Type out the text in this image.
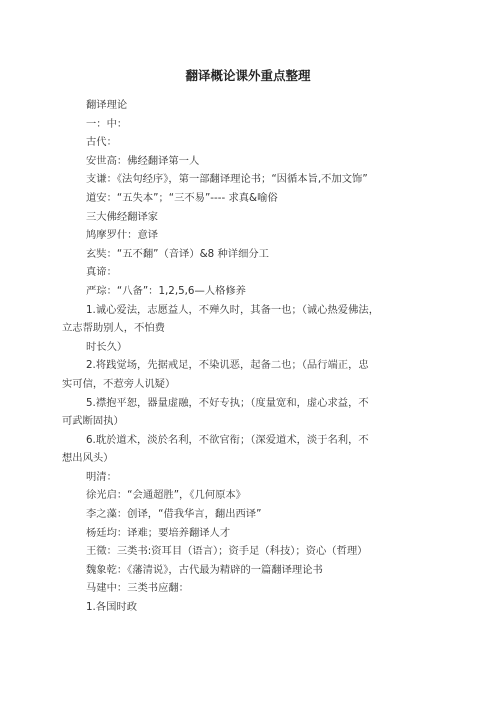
翻译概论课外重点整理
翻译理论
一：中：
古代：
安世高：佛经翻译第一人
支谦：《法句经序》，第一部翻译理论书；“因循本旨,不加文饰”
道安：“五失本”；“三不易”---- 求真&喻俗
三大佛经翻译家
鸠摩罗什：意译
玄奘：“五不翻”（音译）&8 种详细分工
真谛：
严琮：“八备”：1,2,5,6—人格修养
1.诚心爱法，志愿益人，不殚久时，其备一也；（诚心热爱佛法，
立志帮助别人，不怕费
时长久）
2.将践觉场，先据戒足，不染讥恶，起备二也；（品行端正，忠
实可信，不惹旁人讥疑）
5.襟抱平恕，器量虚融，不好专执；（度量宽和，虚心求益，不
可武断固执）
6.耽於道术，淡於名利，不欲官衔；（深爱道术，淡于名利，不
想出风头）
明清：
徐光启：“会通超胜”，《几何原本》
李之藻：创译，“借我华言，翻出西译”
杨廷均：译难；要培养翻译人才
王徵：三类书:资耳目（语言）；资手足（科技）；资心（哲理）
魏象乾：《藩清说》，古代最为精辟的一篇翻译理论书
马建中：三类书应翻：
1.各国时政
